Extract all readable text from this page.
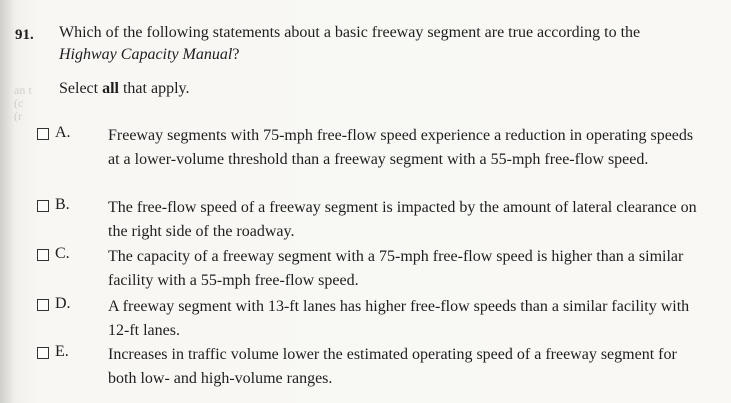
an t
(c
(r
91. Which of the following statements about a basic freeway segment are true according to the Highway Capacity Manual?
Select all that apply.
A. Freeway segments with 75-mph free-flow speed experience a reduction in operating speeds at a lower-volume threshold than a freeway segment with a 55-mph free-flow speed.
B. The free-flow speed of a freeway segment is impacted by the amount of lateral clearance on the right side of the roadway.
C. The capacity of a freeway segment with a 75-mph free-flow speed is higher than a similar facility with a 55-mph free-flow speed.
D. A freeway segment with 13-ft lanes has higher free-flow speeds than a similar facility with 12-ft lanes.
E. Increases in traffic volume lower the estimated operating speed of a freeway segment for both low- and high-volume ranges.
